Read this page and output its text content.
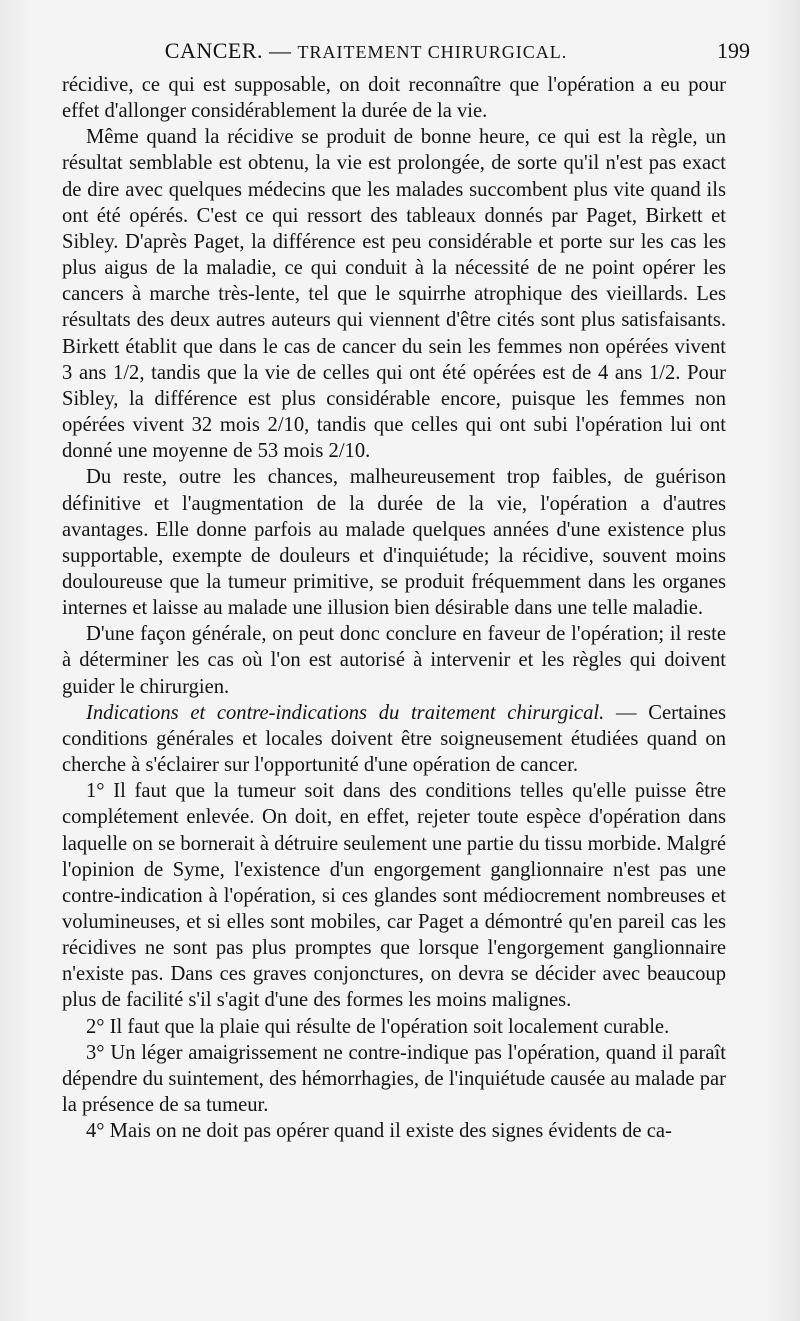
CANCER. — TRAITEMENT CHIRURGICAL.	199

récidive, ce qui est supposable, on doit reconnaître que l'opération a eu pour effet d'allonger considérablement la durée de la vie.

Même quand la récidive se produit de bonne heure, ce qui est la règle, un résultat semblable est obtenu, la vie est prolongée, de sorte qu'il n'est pas exact de dire avec quelques médecins que les malades succombent plus vite quand ils ont été opérés. C'est ce qui ressort des tableaux donnés par Paget, Birkett et Sibley. D'après Paget, la différence est peu considérable et porte sur les cas les plus aigus de la maladie, ce qui conduit à la nécessité de ne point opérer les cancers à marche très-lente, tel que le squirrhe atrophique des vieillards. Les résultats des deux autres auteurs qui viennent d'être cités sont plus satisfaisants. Birkett établit que dans le cas de cancer du sein les femmes non opérées vivent 3 ans 1/2, tandis que la vie de celles qui ont été opérées est de 4 ans 1/2. Pour Sibley, la différence est plus considérable encore, puisque les femmes non opérées vivent 32 mois 2/10, tandis que celles qui ont subi l'opération lui ont donné une moyenne de 53 mois 2/10.

Du reste, outre les chances, malheureusement trop faibles, de guérison définitive et l'augmentation de la durée de la vie, l'opération a d'autres avantages. Elle donne parfois au malade quelques années d'une existence plus supportable, exempte de douleurs et d'inquiétude; la récidive, souvent moins douloureuse que la tumeur primitive, se produit fréquemment dans les organes internes et laisse au malade une illusion bien désirable dans une telle maladie.

D'une façon générale, on peut donc conclure en faveur de l'opération; il reste à déterminer les cas où l'on est autorisé à intervenir et les règles qui doivent guider le chirurgien.

Indications et contre-indications du traitement chirurgical. — Certaines conditions générales et locales doivent être soigneusement étudiées quand on cherche à s'éclairer sur l'opportunité d'une opération de cancer.

1° Il faut que la tumeur soit dans des conditions telles qu'elle puisse être complétement enlevée. On doit, en effet, rejeter toute espèce d'opération dans laquelle on se bornerait à détruire seulement une partie du tissu morbide. Malgré l'opinion de Syme, l'existence d'un engorgement ganglionnaire n'est pas une contre-indication à l'opération, si ces glandes sont médiocrement nombreuses et volumineuses, et si elles sont mobiles, car Paget a démontré qu'en pareil cas les récidives ne sont pas plus promptes que lorsque l'engorgement ganglionnaire n'existe pas. Dans ces graves conjonctures, on devra se décider avec beaucoup plus de facilité s'il s'agit d'une des formes les moins malignes.

2° Il faut que la plaie qui résulte de l'opération soit localement curable.

3° Un léger amaigrissement ne contre-indique pas l'opération, quand il paraît dépendre du suintement, des hémorrhagies, de l'inquiétude causée au malade par la présence de sa tumeur.

4° Mais on ne doit pas opérer quand il existe des signes évidents de ca-
